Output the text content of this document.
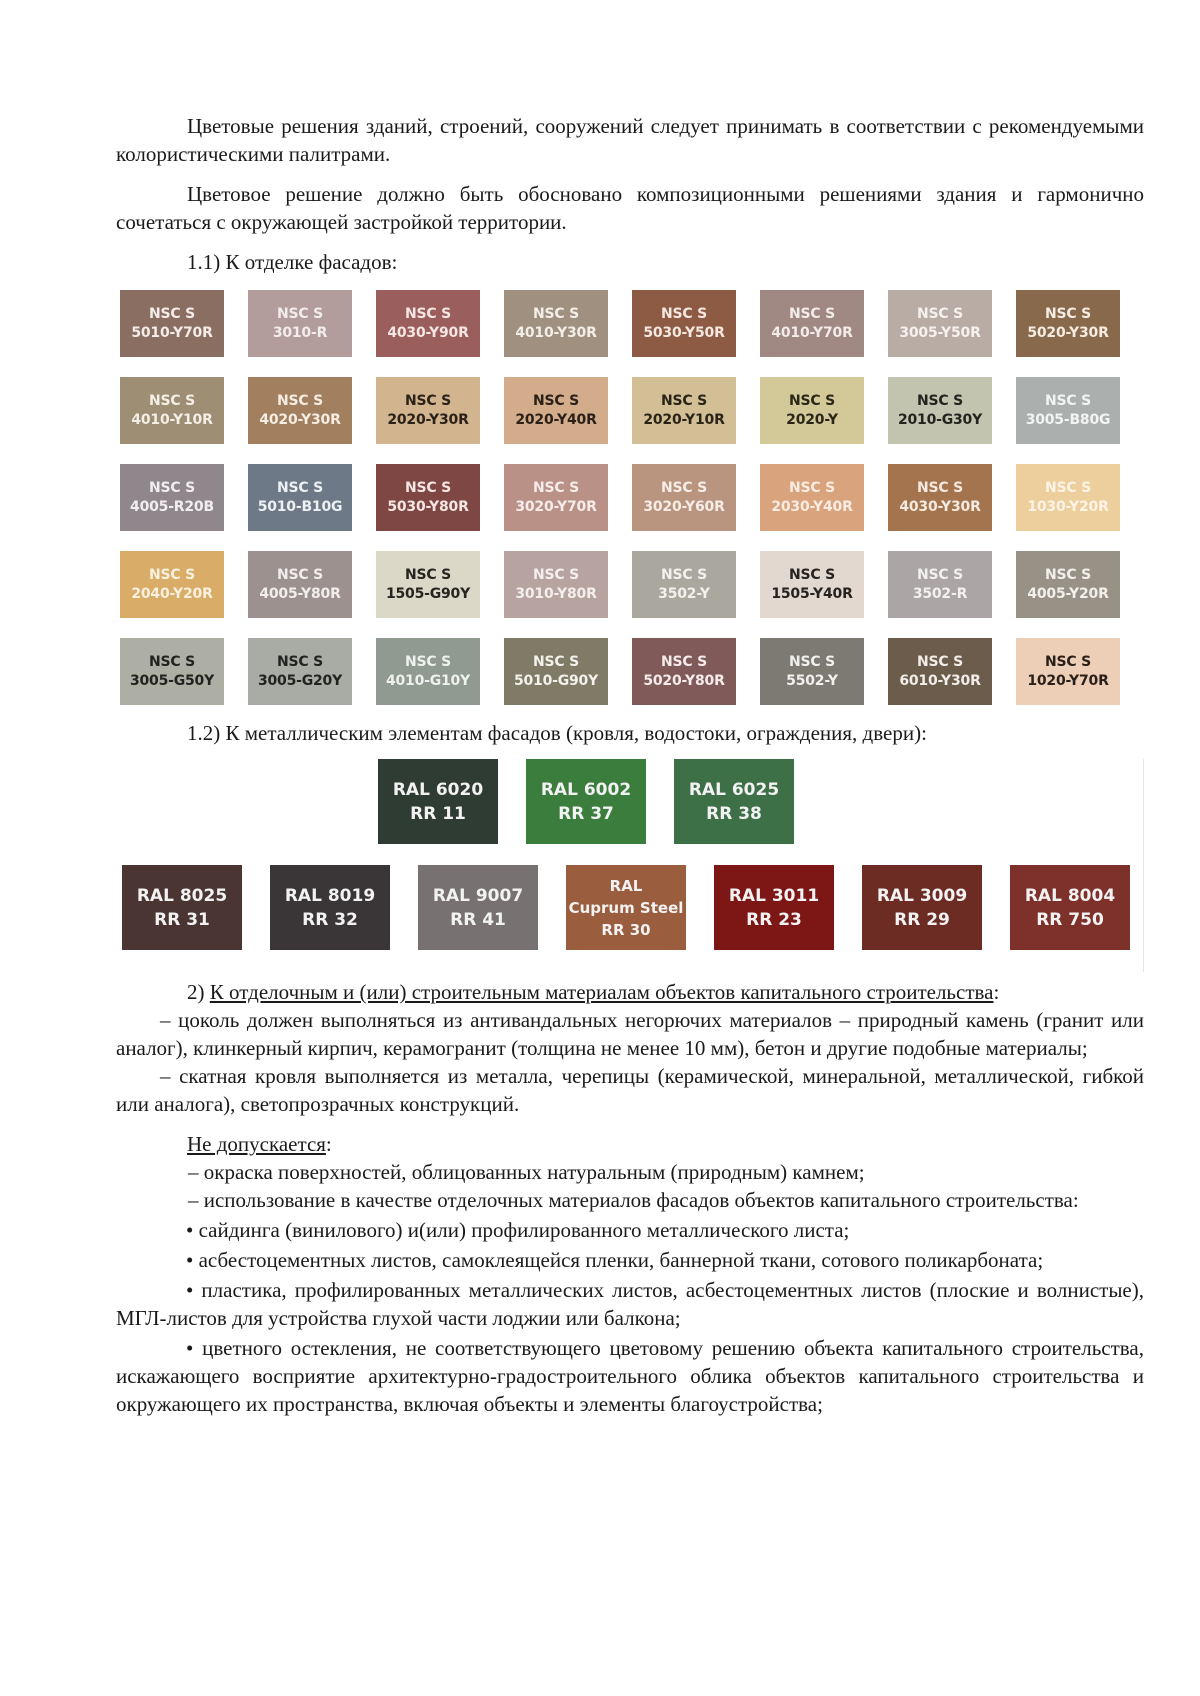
Цветовые решения зданий, строений, сооружений следует принимать в соответствии с рекомендуемыми колористическими палитрами.

Цветовое решение должно быть обосновано композиционными решениями здания и гармонично сочетаться с окружающей застройкой территории.

1.1) К отделке фасадов:

NSC S
5010-Y70R
NSC S
3010-R
NSC S
4030-Y90R
NSC S
4010-Y30R
NSC S
5030-Y50R
NSC S
4010-Y70R
NSC S
3005-Y50R
NSC S
5020-Y30R
NSC S
4010-Y10R
NSC S
4020-Y30R
NSC S
2020-Y30R
NSC S
2020-Y40R
NSC S
2020-Y10R
NSC S
2020-Y
NSC S
2010-G30Y
NSC S
3005-B80G
NSC S
4005-R20B
NSC S
5010-B10G
NSC S
5030-Y80R
NSC S
3020-Y70R
NSC S
3020-Y60R
NSC S
2030-Y40R
NSC S
4030-Y30R
NSC S
1030-Y20R
NSC S
2040-Y20R
NSC S
4005-Y80R
NSC S
1505-G90Y
NSC S
3010-Y80R
NSC S
3502-Y
NSC S
1505-Y40R
NSC S
3502-R
NSC S
4005-Y20R
NSC S
3005-G50Y
NSC S
3005-G20Y
NSC S
4010-G10Y
NSC S
5010-G90Y
NSC S
5020-Y80R
NSC S
5502-Y
NSC S
6010-Y30R
NSC S
1020-Y70R

1.2) К металлическим элементам фасадов (кровля, водостоки, ограждения, двери):

RAL 6020
RR 11
RAL 6002
RR 37
RAL 6025
RR 38
RAL 8025
RR 31
RAL 8019
RR 32
RAL 9007
RR 41
RAL
Cuprum Steel
RR 30
RAL 3011
RR 23
RAL 3009
RR 29
RAL 8004
RR 750

2) К отделочным и (или) строительным материалам объектов капитального строительства:

– цоколь должен выполняться из антивандальных негорючих материалов – природный камень (гранит или аналог), клинкерный кирпич, керамогранит (толщина не менее 10 мм), бетон и другие подобные материалы;

– скатная кровля выполняется из металла, черепицы (керамической, минеральной, металлической, гибкой или аналога), светопрозрачных конструкций.

Не допускается:

– окраска поверхностей, облицованных натуральным (природным) камнем;

– использование в качестве отделочных материалов фасадов объектов капитального строительства:

• сайдинга (винилового) и(или) профилированного металлического листа;

• асбестоцементных листов, самоклеящейся пленки, баннерной ткани, сотового поликарбоната;

• пластика, профилированных металлических листов, асбестоцементных листов (плоские и волнистые), МГЛ-листов для устройства глухой части лоджии или балкона;

• цветного остекления, не соответствующего цветовому решению объекта капитального строительства, искажающего восприятие архитектурно-градостроительного облика объектов капитального строительства и окружающего их пространства, включая объекты и элементы благоустройства;
